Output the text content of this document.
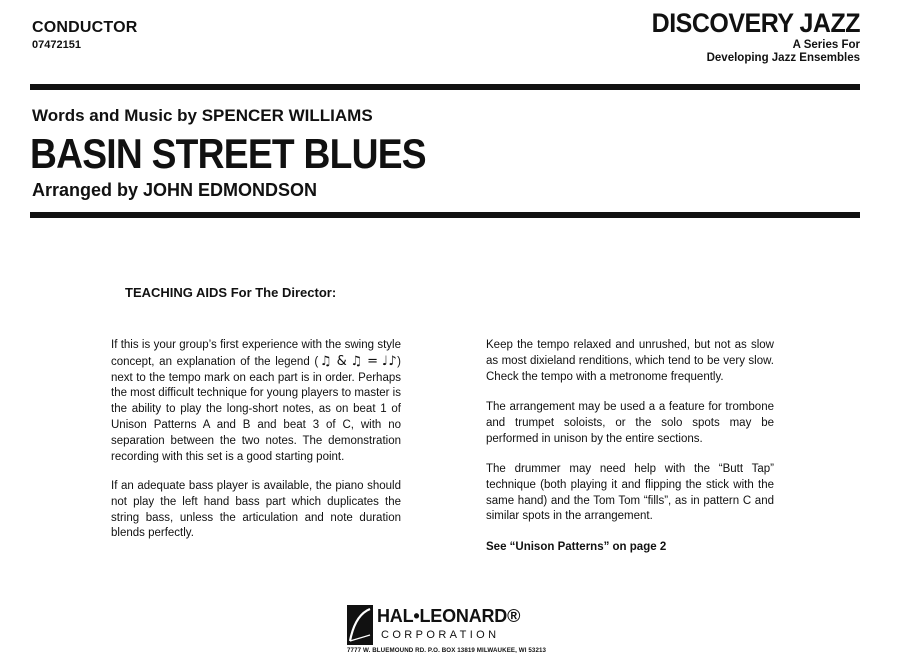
CONDUCTOR
07472151
DISCOVERY JAZZ
A Series For
Developing Jazz Ensembles
Words and Music by SPENCER WILLIAMS
BASIN STREET BLUES
Arranged by JOHN EDMONDSON
TEACHING AIDS For The Director:
If this is your group’s first experience with the swing style concept, an explanation of the legend (♫ & ♫ = ♩♪) next to the tempo mark on each part is in order. Perhaps the most difficult technique for young players to master is the ability to play the long-short notes, as on beat 1 of Unison Patterns A and B and beat 3 of C, with no separation between the two notes. The demonstration recording with this set is a good starting point.
If an adequate bass player is available, the piano should not play the left hand bass part which duplicates the string bass, unless the articulation and note duration blends perfectly.
Keep the tempo relaxed and unrushed, but not as slow as most dixieland renditions, which tend to be very slow. Check the tempo with a metronome frequently.
The arrangement may be used a a feature for trombone and trumpet soloists, or the solo spots may be performed in unison by the entire sections.
The drummer may need help with the “Butt Tap” technique (both playing it and flipping the stick with the same hand) and the Tom Tom “fills”, as in pattern C and similar spots in the arrangement.
See “Unison Patterns” on page 2
HAL•LEONARD®
CORPORATION
7777 W. BLUEMOUND RD. P.O. BOX 13819 MILWAUKEE, WI 53213
